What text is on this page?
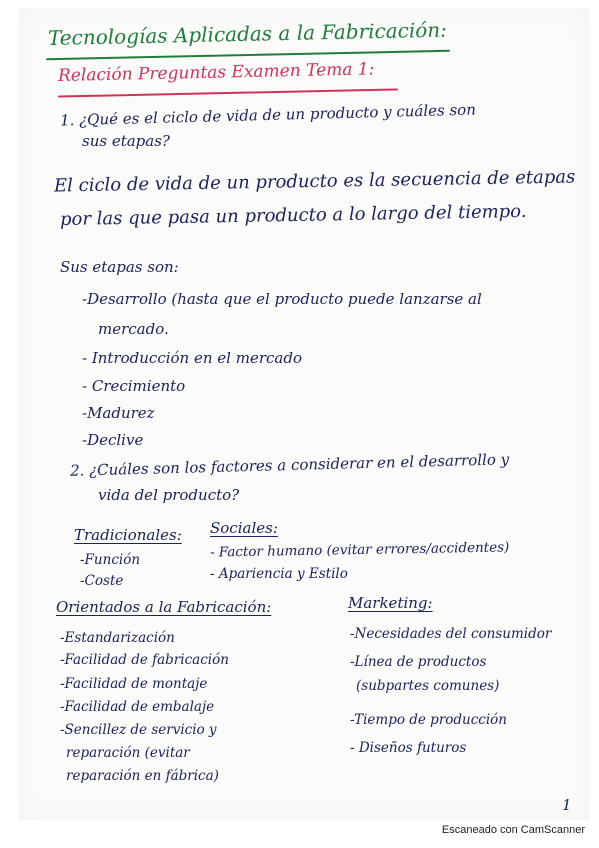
Tecnologías Aplicadas a la Fabricación:
Relación Preguntas Examen Tema 1:
1. ¿Qué es el ciclo de vida de un producto y cuáles son
sus etapas?
El ciclo de vida de un producto es la secuencia de etapas
por las que pasa un producto a lo largo del tiempo.
Sus etapas son:
-Desarrollo (hasta que el producto puede lanzarse al
mercado.
- Introducción en el mercado
- Crecimiento
-Madurez
-Declive
2. ¿Cuáles son los factores a considerar en el desarrollo y
vida del producto?
Tradicionales:
-Función
-Coste
Sociales:
- Factor humano (evitar errores/accidentes)
- Apariencia y Estilo
Orientados a la Fabricación:
-Estandarización
-Facilidad de fabricación
-Facilidad de montaje
-Facilidad de embalaje
-Sencillez de servicio y
reparación (evitar
reparación en fábrica)
Marketing:
-Necesidades del consumidor
-Línea de productos
(subpartes comunes)
-Tiempo de producción
- Diseños futuros
1
Escaneado con CamScanner
